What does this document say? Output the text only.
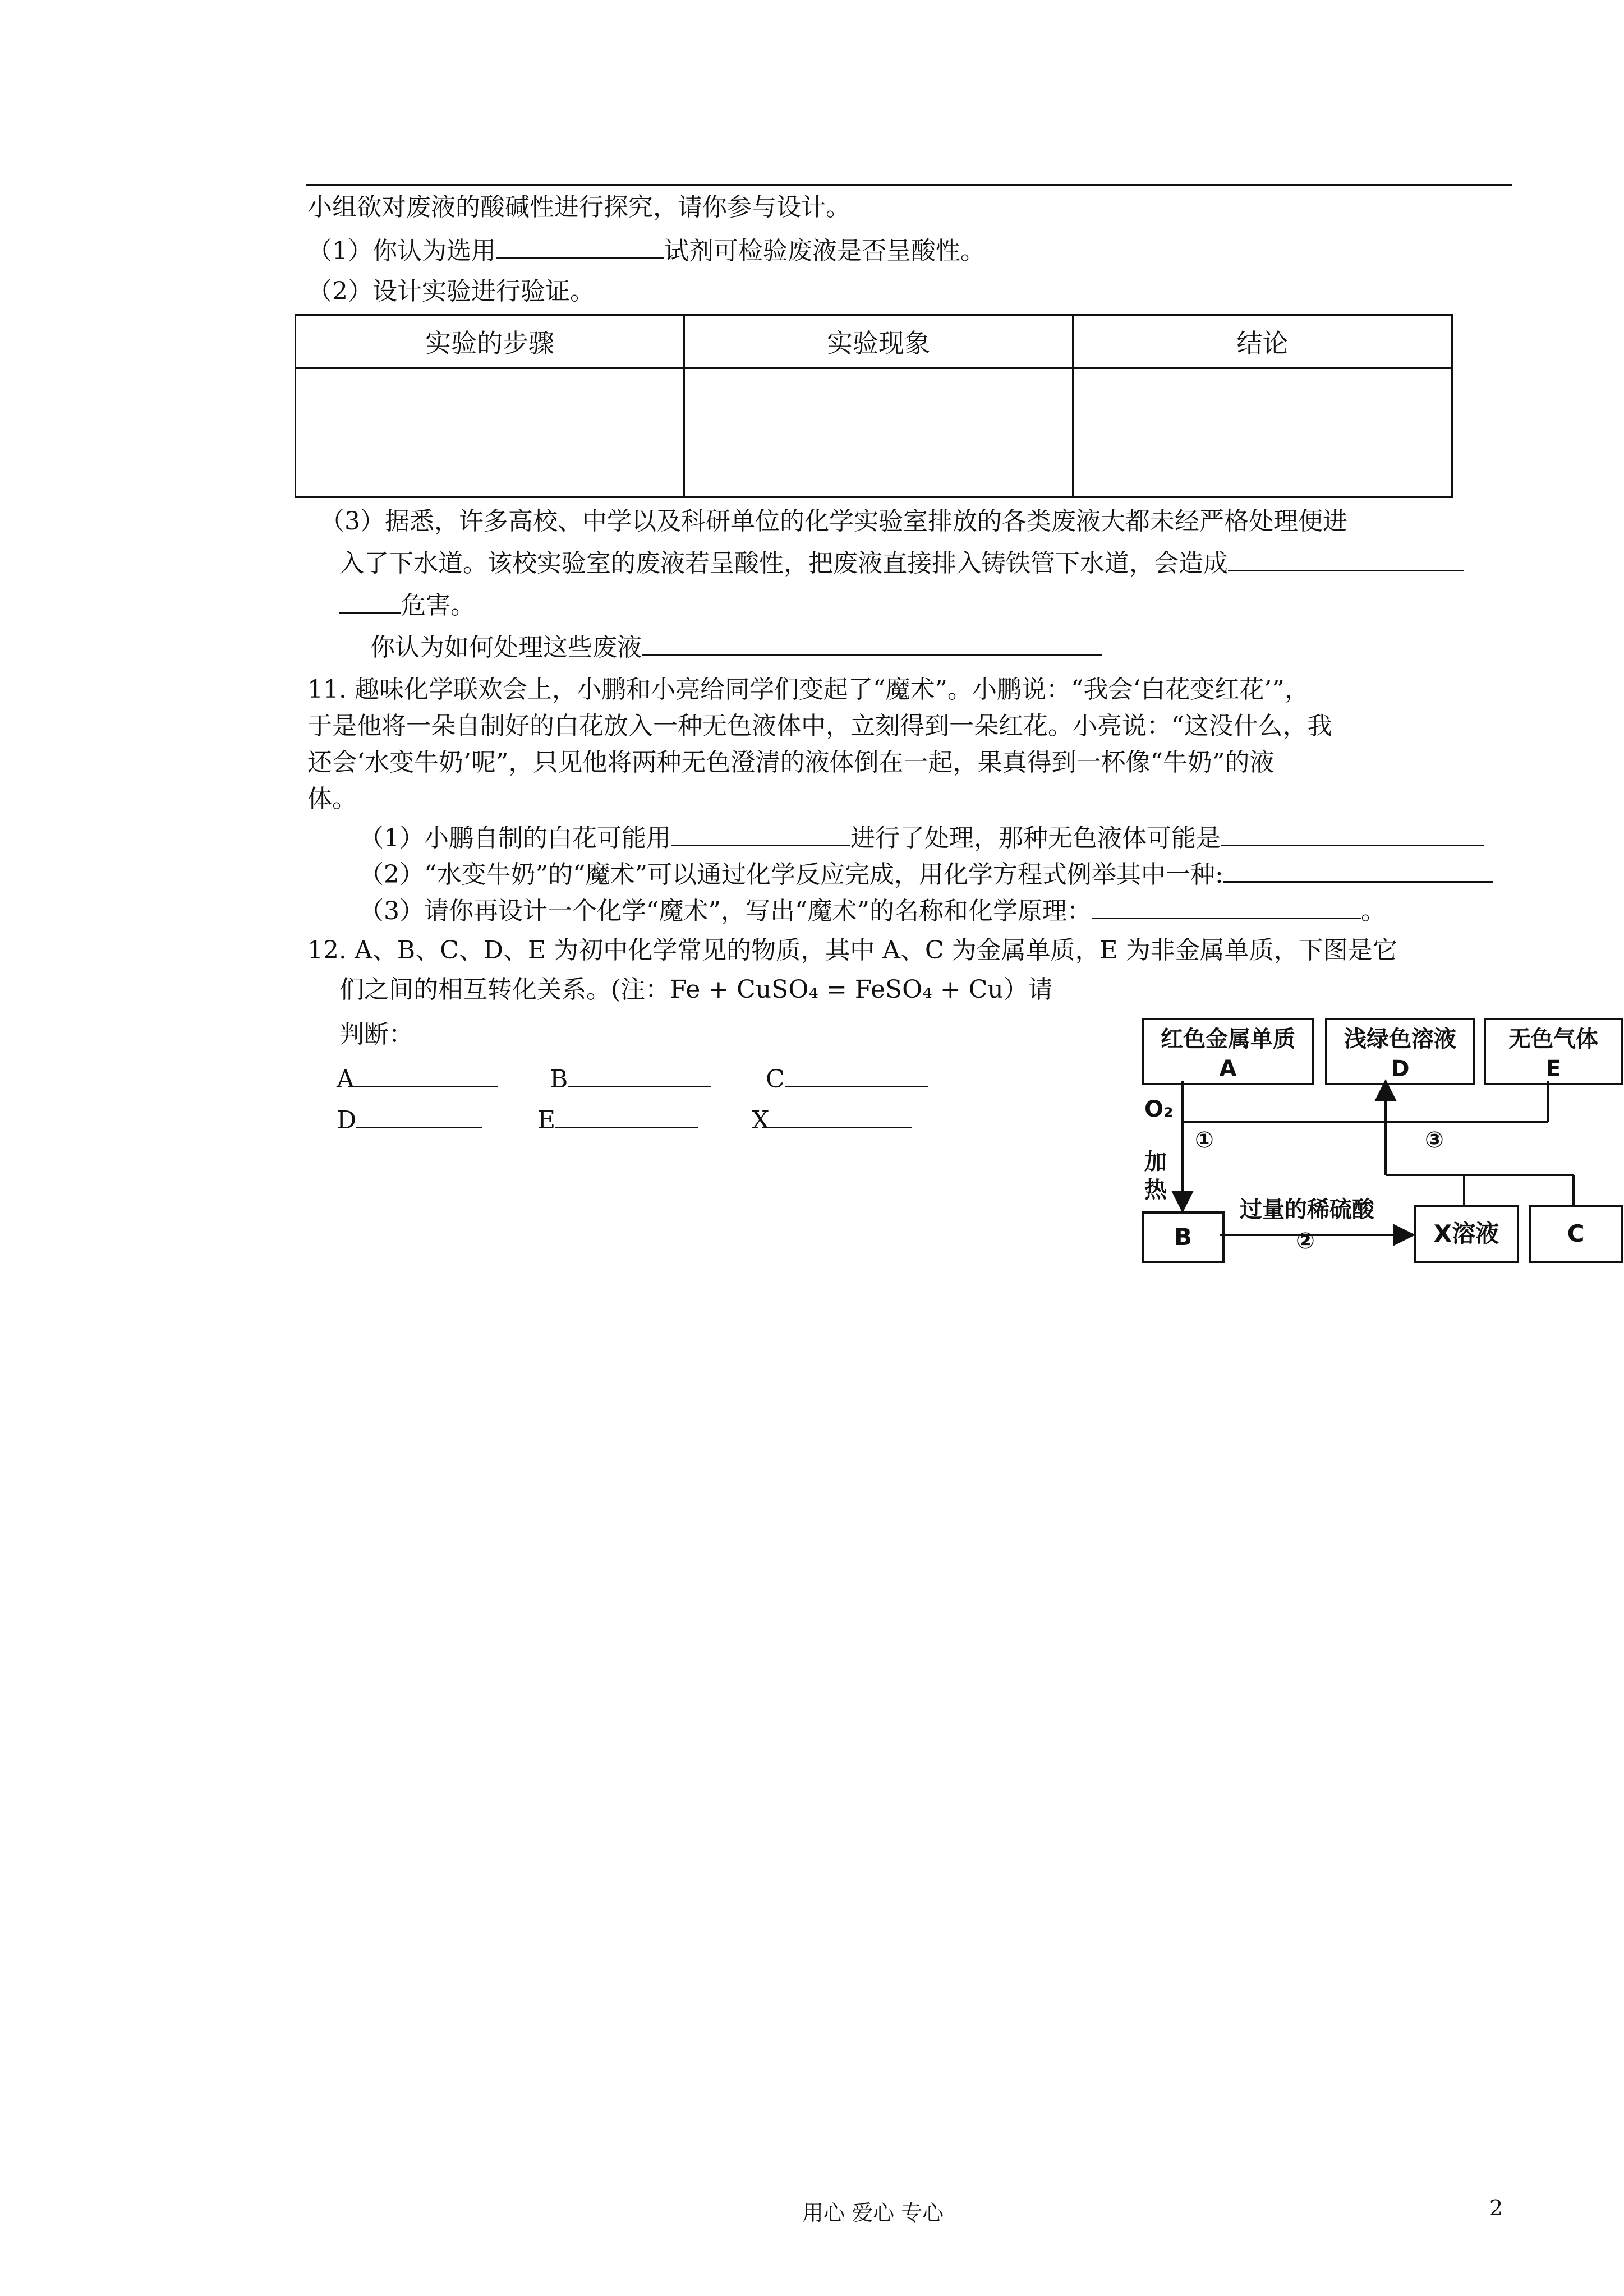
小组欲对废液的酸碱性进行探究，请你参与设计。
（1）你认为选用	试剂可检验废液是否呈酸性。
（2）设计实验进行验证。
实验的步骤	实验现象	结论

（3）据悉，许多高校、中学以及科研单位的化学实验室排放的各类废液大都未经严格处理便进
入了下水道。该校实验室的废液若呈酸性，把废液直接排入铸铁管下水道，会造成
危害。
你认为如何处理这些废液
11. 趣味化学联欢会上，小鹏和小亮给同学们变起了“魔术”。小鹏说：“我会‘白花变红花’”，
于是他将一朵自制好的白花放入一种无色液体中，立刻得到一朵红花。小亮说：“这没什么，我
还会‘水变牛奶’呢”，只见他将两种无色澄清的液体倒在一起，果真得到一杯像“牛奶”的液
体。
（1）小鹏自制的白花可能用	进行了处理，那种无色液体可能是
（2）“水变牛奶”的“魔术”可以通过化学反应完成，用化学方程式例举其中一种:
（3）请你再设计一个化学“魔术”，写出“魔术”的名称和化学原理：	。
12. A、B、C、D、E 为初中化学常见的物质，其中 A、C 为金属单质，E 为非金属单质，下图是它
们之间的相互转化关系。(注：Fe + CuSO₄ = FeSO₄ + Cu）请
判断：
A	B	C
D	E	X
红色金属单质
A
浅绿色溶液
D
无色气体
E
B	X溶液	C
O₂
①
加
热
过量的稀硫酸
②
③
用心 爱心 专心	2
